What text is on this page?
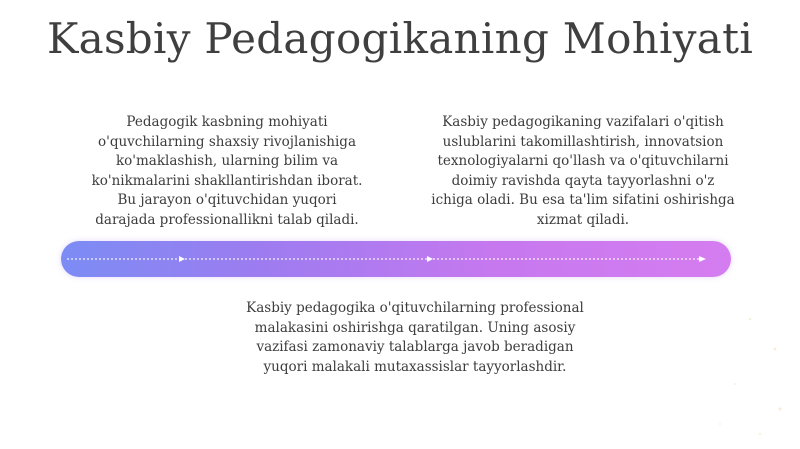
Kasbiy Pedagogikaning Mohiyati
Pedagogik kasbning mohiyati
o'quvchilarning shaxsiy rivojlanishiga
ko'maklashish, ularning bilim va
ko'nikmalarini shakllantirishdan iborat.
Bu jarayon o'qituvchidan yuqori
darajada professionallikni talab qiladi.
Kasbiy pedagogikaning vazifalari o'qitish
uslublarini takomillashtirish, innovatsion
texnologiyalarni qo'llash va o'qituvchilarni
doimiy ravishda qayta tayyorlashni o'z
ichiga oladi. Bu esa ta'lim sifatini oshirishga
xizmat qiladi.
Kasbiy pedagogika o'qituvchilarning professional
malakasini oshirishga qaratilgan. Uning asosiy
vazifasi zamonaviy talablarga javob beradigan
yuqori malakali mutaxassislar tayyorlashdir.
